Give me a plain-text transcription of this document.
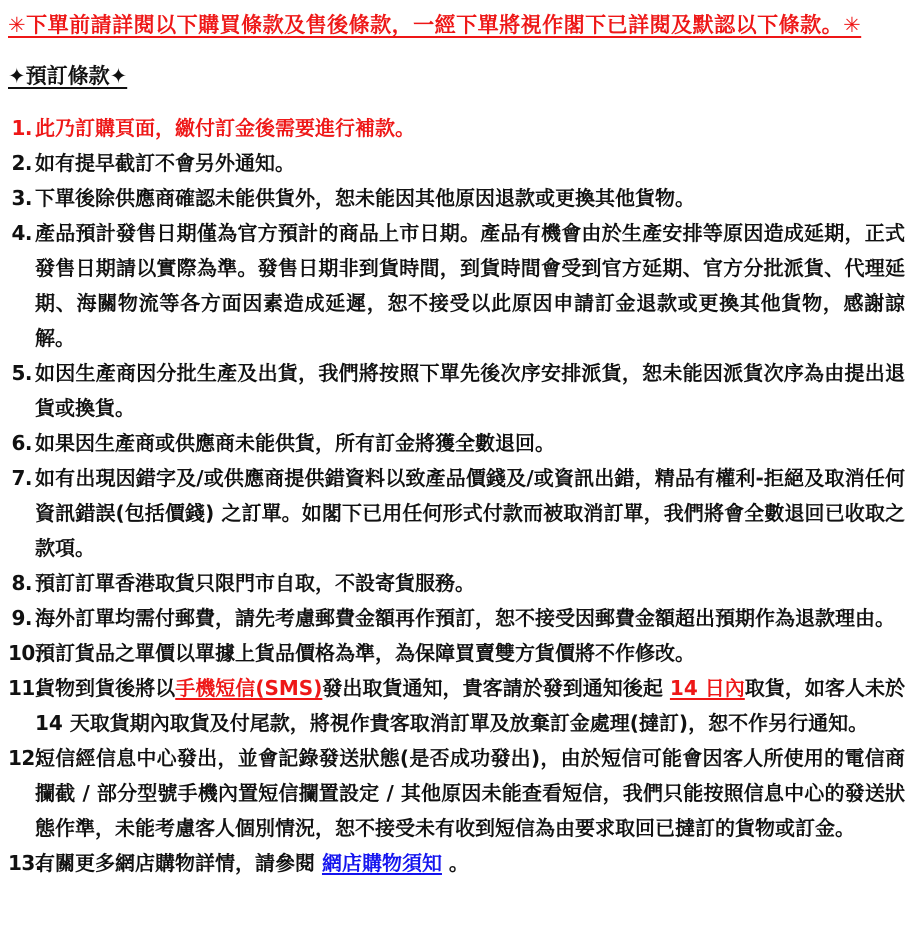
✳下單前請詳閱以下購買條款及售後條款，一經下單將視作閣下已詳閱及默認以下條款。✳

✦預訂條款✦
1. 此乃訂購頁面，繳付訂金後需要進行補款。
2. 如有提早截訂不會另外通知。
3. 下單後除供應商確認未能供貨外，恕未能因其他原因退款或更換其他貨物。
4. 產品預計發售日期僅為官方預計的商品上市日期。產品有機會由於生產安排等原因造成延期，正式發售日期請以實際為準。發售日期非到貨時間，到貨時間會受到官方延期、官方分批派貨、代理延期、海關物流等各方面因素造成延遲，恕不接受以此原因申請訂金退款或更換其他貨物，感謝諒解。
5. 如因生產商因分批生產及出貨，我們將按照下單先後次序安排派貨，恕未能因派貨次序為由提出退貨或換貨。
6. 如果因生產商或供應商未能供貨，所有訂金將獲全數退回。
7. 如有出現因錯字及/或供應商提供錯資料以致產品價錢及/或資訊出錯，精品有權利-拒絕及取消任何資訊錯誤(包括價錢) 之訂單。如閣下已用任何形式付款而被取消訂單，我們將會全數退回已收取之款項。
8. 預訂訂單香港取貨只限門市自取，不設寄貨服務。
9. 海外訂單均需付郵費，請先考慮郵費金額再作預訂，恕不接受因郵費金額超出預期作為退款理由。
10.
預訂貨品之單價以單據上貨品價格為準，為保障買賣雙方貨價將不作修改。
11.
貨物到貨後將以手機短信(SMS)發出取貨通知，貴客請於發到通知後起 14 日內取貨，如客人未於 14 天取貨期內取貨及付尾款，將視作貴客取消訂單及放棄訂金處理(撻訂)，恕不作另行通知。
12.
短信經信息中心發出，並會記錄發送狀態(是否成功發出)，由於短信可能會因客人所使用的電信商攔截 / 部分型號手機內置短信攔置設定 / 其他原因未能查看短信，我們只能按照信息中心的發送狀態作準，未能考慮客人個別情況，恕不接受未有收到短信為由要求取回已撻訂的貨物或訂金。
13.
有關更多網店購物詳情，請參閱 網店購物須知 。
